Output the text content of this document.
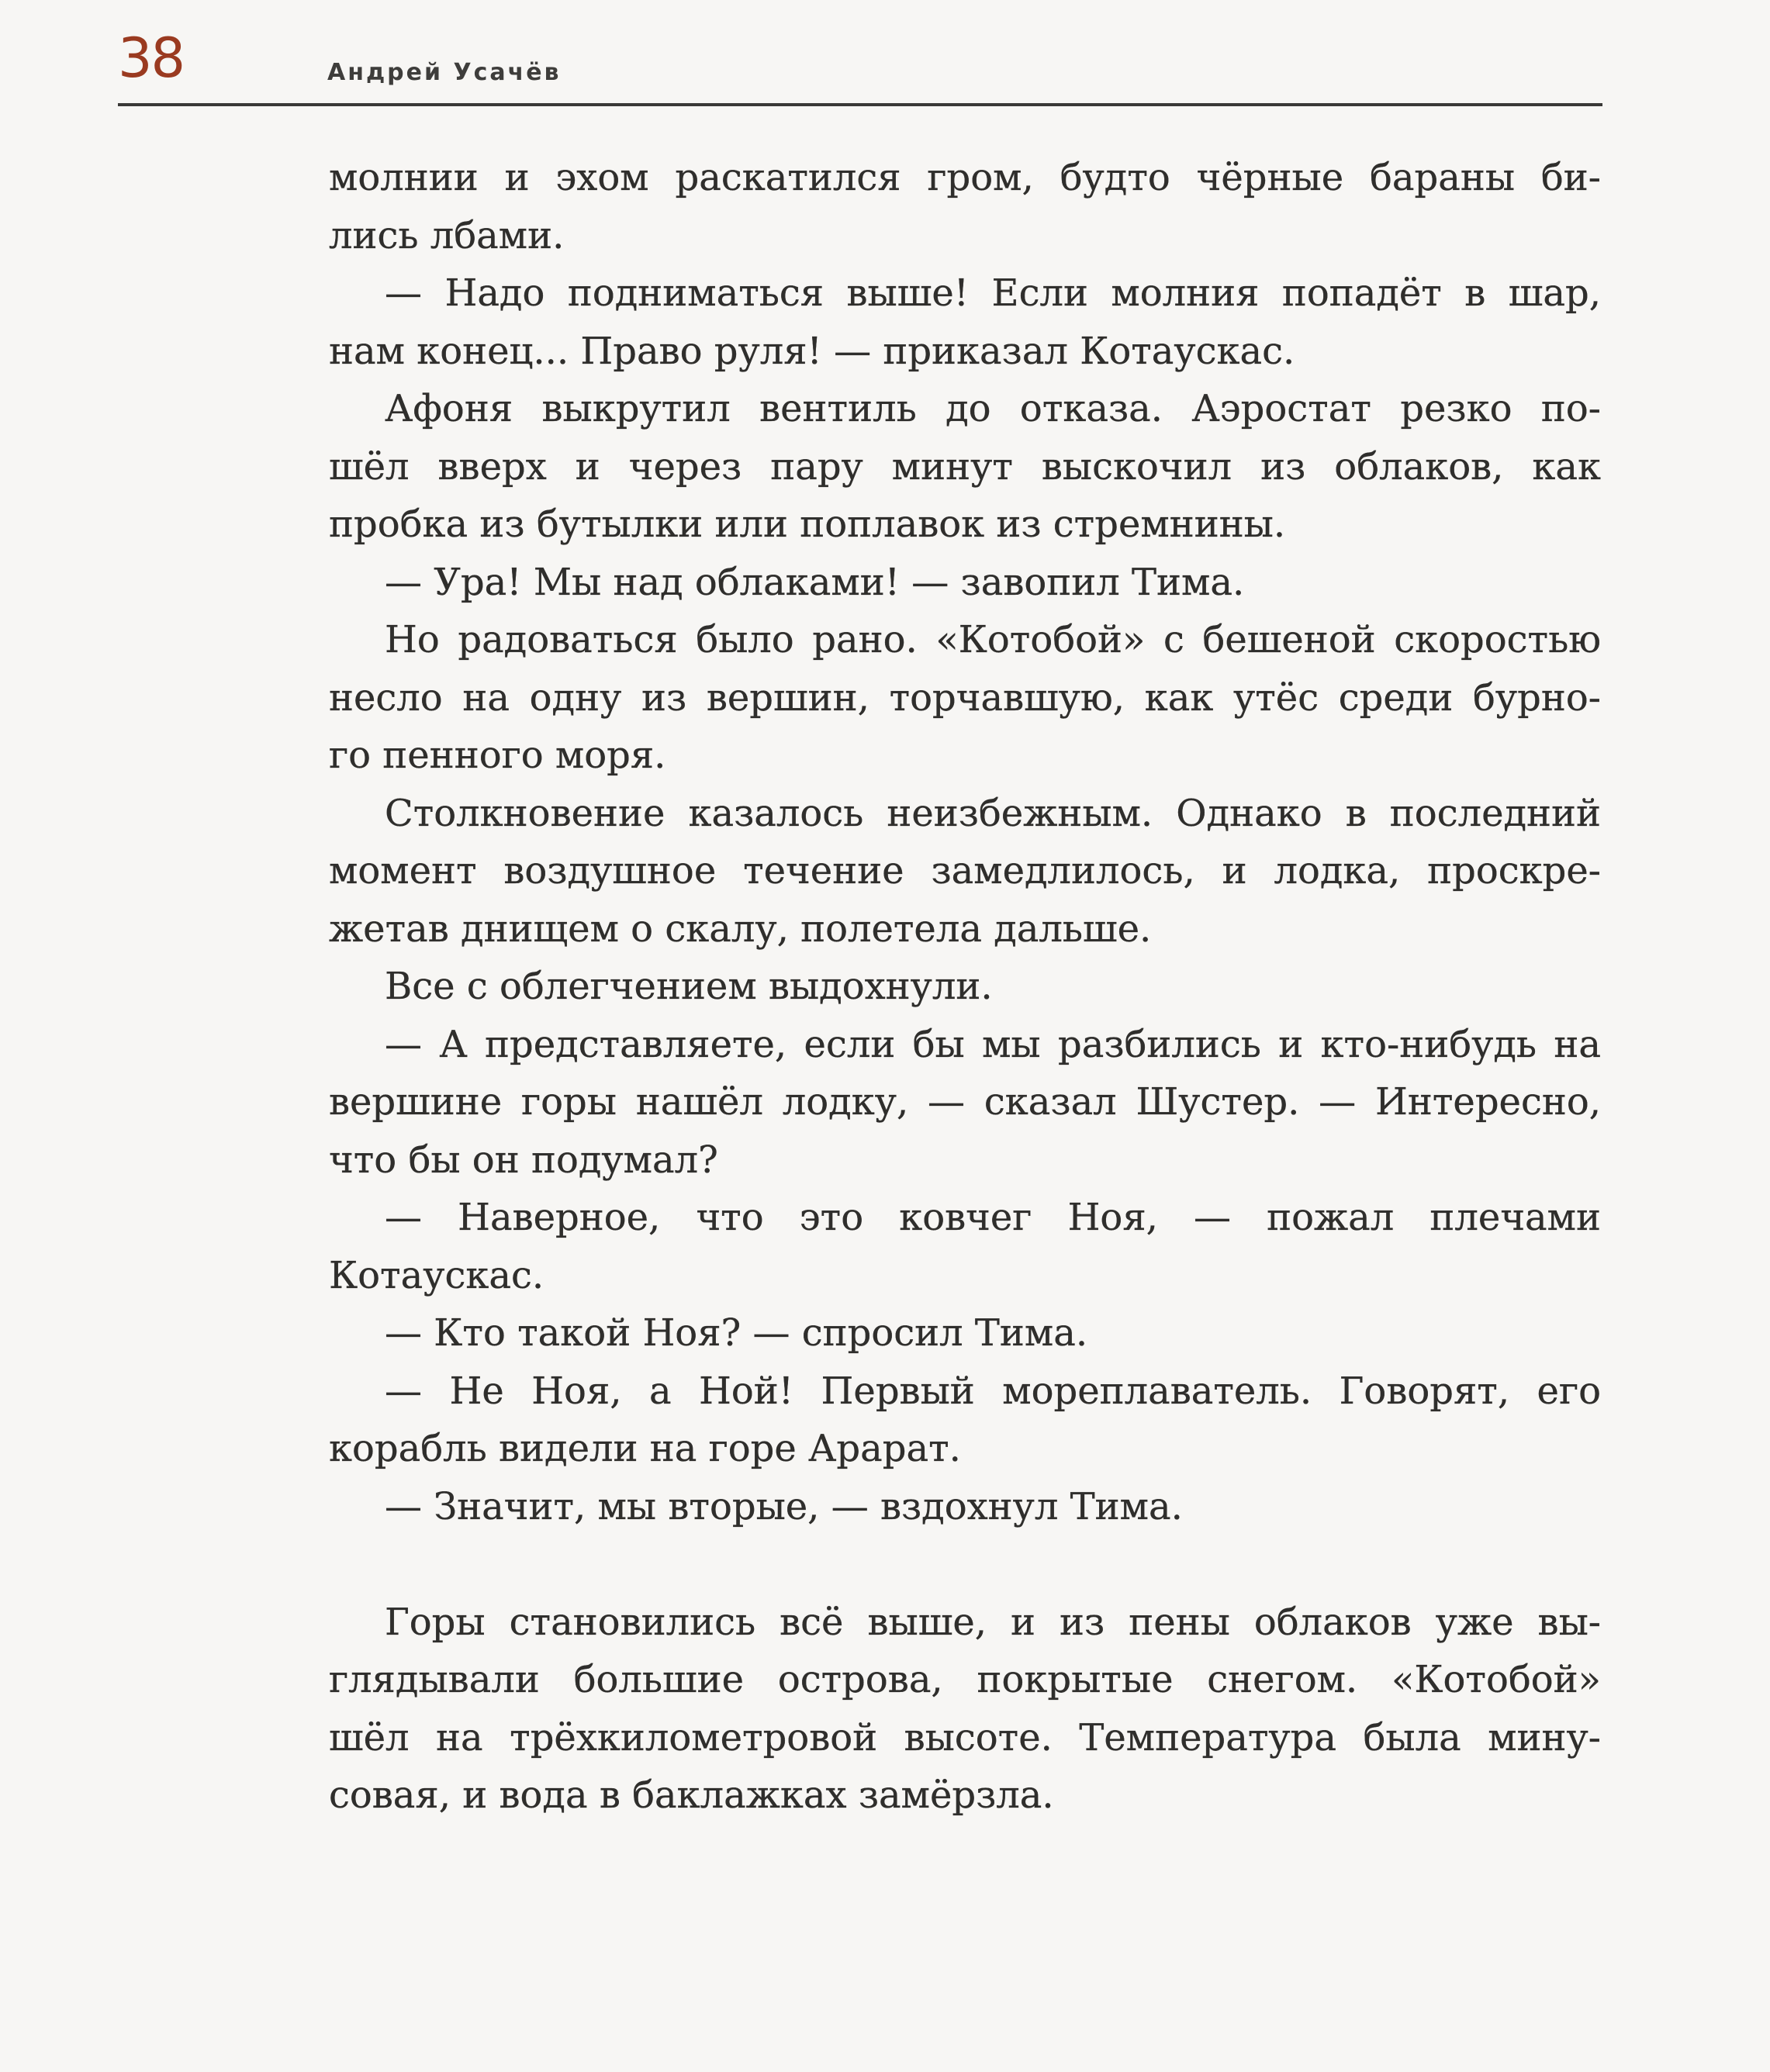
38	Андрей Усачёв
молнии и эхом раскатился гром, будто чёрные бараны би-
лись лбами.
— Надо подниматься выше! Если молния попадёт в шар,
нам конец... Право руля! — приказал Котаускас.
Афоня выкрутил вентиль до отказа. Аэростат резко по-
шёл вверх и через пару минут выскочил из облаков, как
пробка из бутылки или поплавок из стремнины.
— Ура! Мы над облаками! — завопил Тима.
Но радоваться было рано. «Котобой» с бешеной скоростью
несло на одну из вершин, торчавшую, как утёс среди бурно-
го пенного моря.
Столкновение казалось неизбежным. Однако в последний
момент воздушное течение замедлилось, и лодка, проскре-
жетав днищем о скалу, полетела дальше.
Все с облегчением выдохнули.
— А представляете, если бы мы разбились и кто-нибудь на
вершине горы нашёл лодку, — сказал Шустер. — Интересно,
что бы он подумал?
— Наверное, что это ковчег Ноя, — пожал плечами
Котаускас.
— Кто такой Ноя? — спросил Тима.
— Не Ноя, а Ной! Первый мореплаватель. Говорят, его
корабль видели на горе Арарат.
— Значит, мы вторые, — вздохнул Тима.
Горы становились всё выше, и из пены облаков уже вы-
глядывали большие острова, покрытые снегом. «Котобой»
шёл на трёхкилометровой высоте. Температура была мину-
совая, и вода в баклажках замёрзла.
